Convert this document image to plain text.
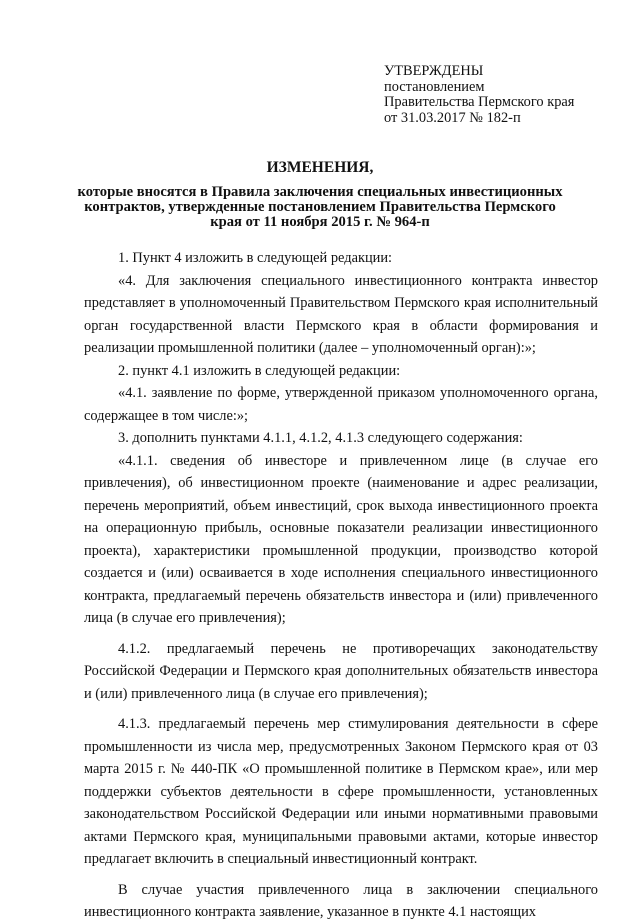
УТВЕРЖДЕНЫ
постановлением
Правительства Пермского края
от 31.03.2017 № 182-п
ИЗМЕНЕНИЯ,
которые вносятся в Правила заключения специальных инвестиционных
контрактов, утвержденные постановлением Правительства Пермского
края от 11 ноября 2015 г. № 964-п

1. Пункт 4 изложить в следующей редакции:

«4. Для заключения специального инвестиционного контракта инвестор представляет в уполномоченный Правительством Пермского края исполнительный орган государственной власти Пермского края в области формирования и реализации промышленной политики (далее – уполномоченный орган):»;

2. пункт 4.1 изложить в следующей редакции:

«4.1. заявление по форме, утвержденной приказом уполномоченного органа, содержащее в том числе:»;

3. дополнить пунктами 4.1.1, 4.1.2, 4.1.3 следующего содержания:

«4.1.1. сведения об инвесторе и привлеченном лице (в случае его привлечения), об инвестиционном проекте (наименование и адрес реализации, перечень мероприятий, объем инвестиций, срок выхода инвестиционного проекта на операционную прибыль, основные показатели реализации инвестиционного проекта), характеристики промышленной продукции, производство которой создается и (или) осваивается в ходе исполнения специального инвестиционного контракта, предлагаемый перечень обязательств инвестора и (или) привлеченного лица (в случае его привлечения);

4.1.2. предлагаемый перечень не противоречащих законодательству Российской Федерации и Пермского края дополнительных обязательств инвестора и (или) привлеченного лица (в случае его привлечения);

4.1.3. предлагаемый перечень мер стимулирования деятельности в сфере промышленности из числа мер, предусмотренных Законом Пермского края от 03 марта 2015 г. № 440-ПК «О промышленной политике в Пермском крае», или мер поддержки субъектов деятельности в сфере промышленности, установленных законодательством Российской Федерации или иными нормативными правовыми актами Пермского края, муниципальными правовыми актами, которые инвестор предлагает включить в специальный инвестиционный контракт.

В случае участия привлеченного лица в заключении специального инвестиционного контракта заявление, указанное в пункте 4.1 настоящих
